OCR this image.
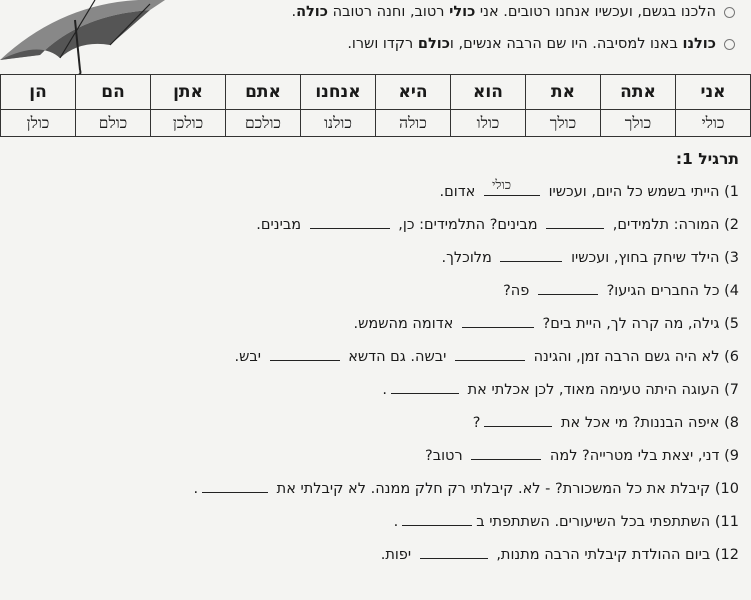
הלכנו בגשם, ועכשיו אנחנו רטובים. אני כולי רטוב, וחנה רטובה כולה.
כולנו באנו למסיבה. היו שם הרבה אנשים, וכולם רקדו ושרו.
אני	אתה	את	הוא	היא	אנחנו	אתם	אתן	הם	הן
כולי	כולך	כולך	כולו	כולה	כולנו	כולכם	כולכן	כולם	כולן
תרגיל 1:
1) הייתי בשמש כל היום, ועכשיו
כולי
אדום.
2) המורה: תלמידים,  מבינים? התלמידים: כן,  מבינים.
3) הילד שיחק בחוץ, ועכשיו  מלוכלך.
4) כל החברים הגיעו?  פה?
5) גילה, מה קרה לך, היית בים?  אדומה מהשמש.
6) לא היה גשם הרבה זמן, והגינה  יבשה. גם הדשא  יבש.
7) העוגה היתה טעימה מאוד, לכן אכלתי את .
8) איפה הבננות? מי אכל את ?
9) דני, יצאת בלי מטרייה? למה  רטוב?
10) קיבלת את כל המשכורת? - לא. קיבלתי רק חלק ממנה. לא קיבלתי את .
11) השתתפתי בכל השיעורים. השתתפתי ב.
12) ביום ההולדת קיבלתי הרבה מתנות,  יפות.
